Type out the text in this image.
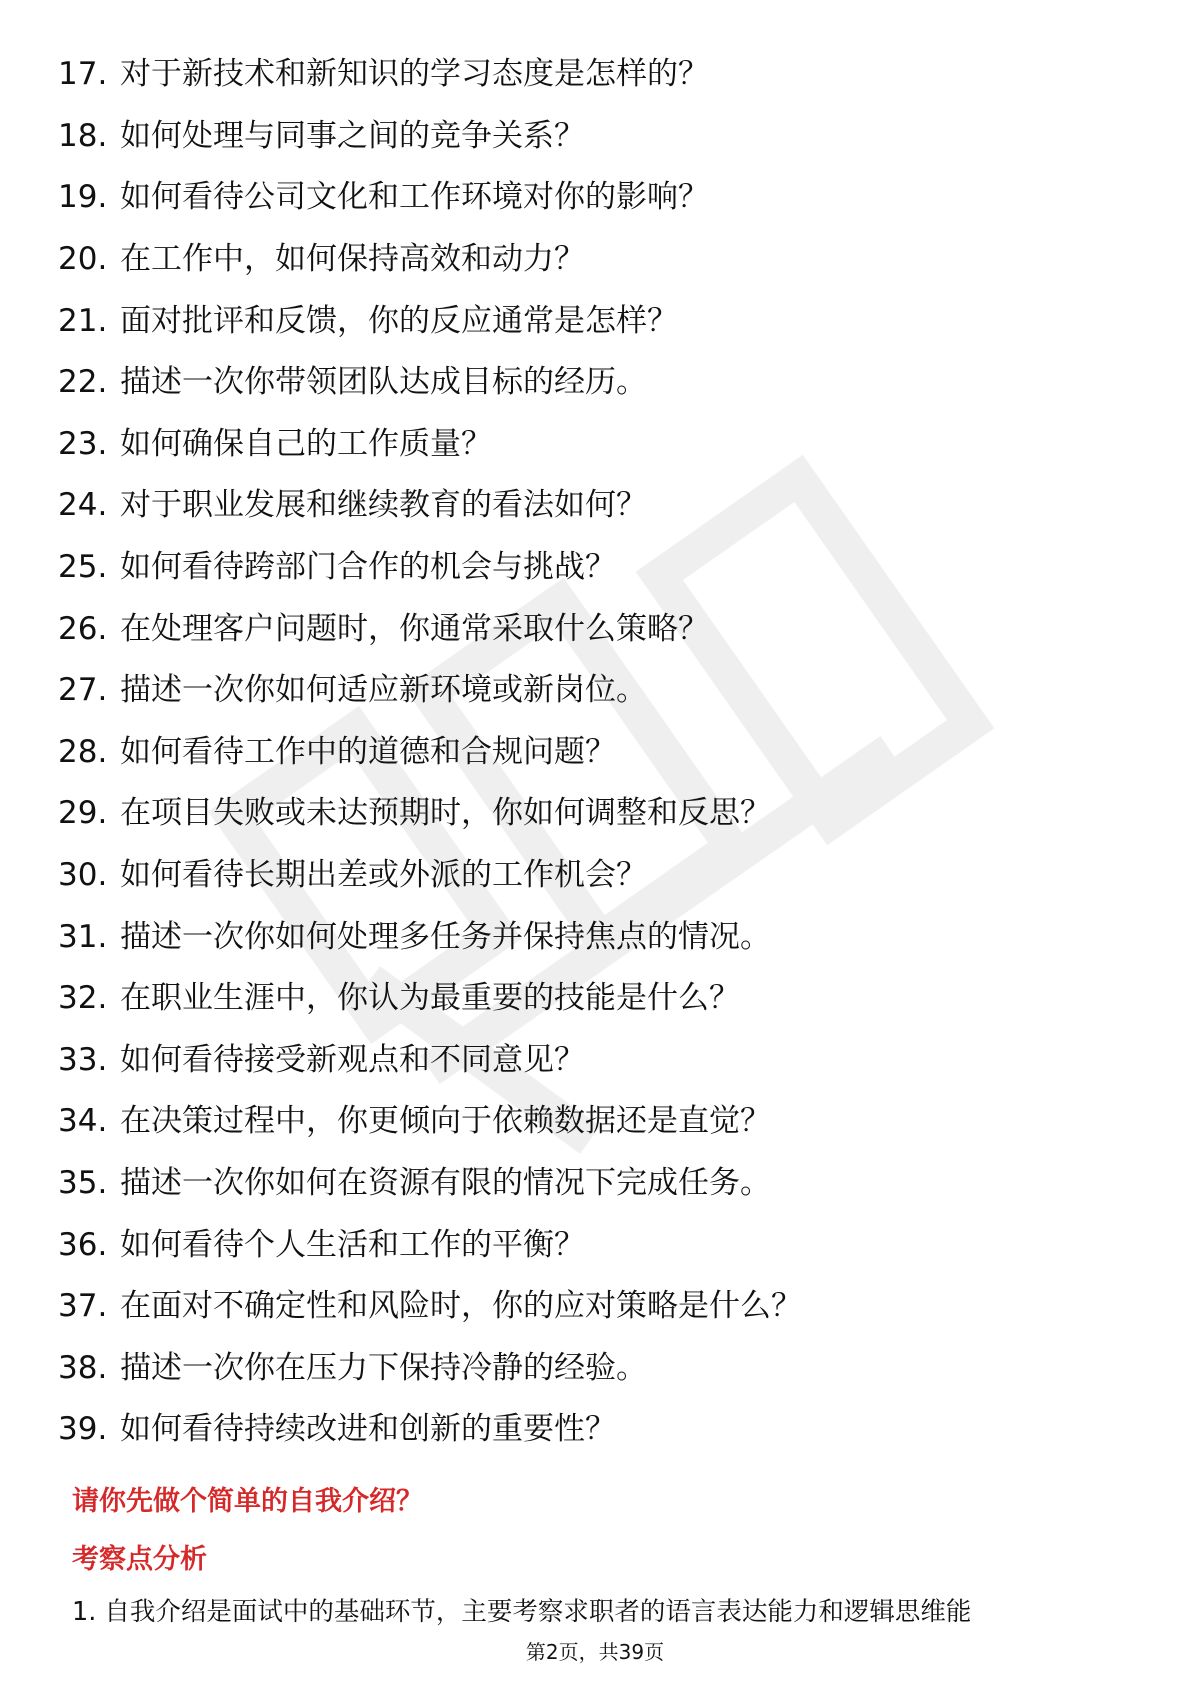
17. 对于新技术和新知识的学习态度是怎样的？
18. 如何处理与同事之间的竞争关系？
19. 如何看待公司文化和工作环境对你的影响？
20. 在工作中，如何保持高效和动力？
21. 面对批评和反馈，你的反应通常是怎样？
22. 描述一次你带领团队达成目标的经历。
23. 如何确保自己的工作质量？
24. 对于职业发展和继续教育的看法如何？
25. 如何看待跨部门合作的机会与挑战？
26. 在处理客户问题时，你通常采取什么策略？
27. 描述一次你如何适应新环境或新岗位。
28. 如何看待工作中的道德和合规问题？
29. 在项目失败或未达预期时，你如何调整和反思？
30. 如何看待长期出差或外派的工作机会？
31. 描述一次你如何处理多任务并保持焦点的情况。
32. 在职业生涯中，你认为最重要的技能是什么？
33. 如何看待接受新观点和不同意见？
34. 在决策过程中，你更倾向于依赖数据还是直觉？
35. 描述一次你如何在资源有限的情况下完成任务。
36. 如何看待个人生活和工作的平衡？
37. 在面对不确定性和风险时，你的应对策略是什么？
38. 描述一次你在压力下保持冷静的经验。
39. 如何看待持续改进和创新的重要性？
请你先做个简单的自我介绍？
考察点分析

1. 自我介绍是面试中的基础环节，主要考察求职者的语言表达能力和逻辑思维能

第2页，共39页
